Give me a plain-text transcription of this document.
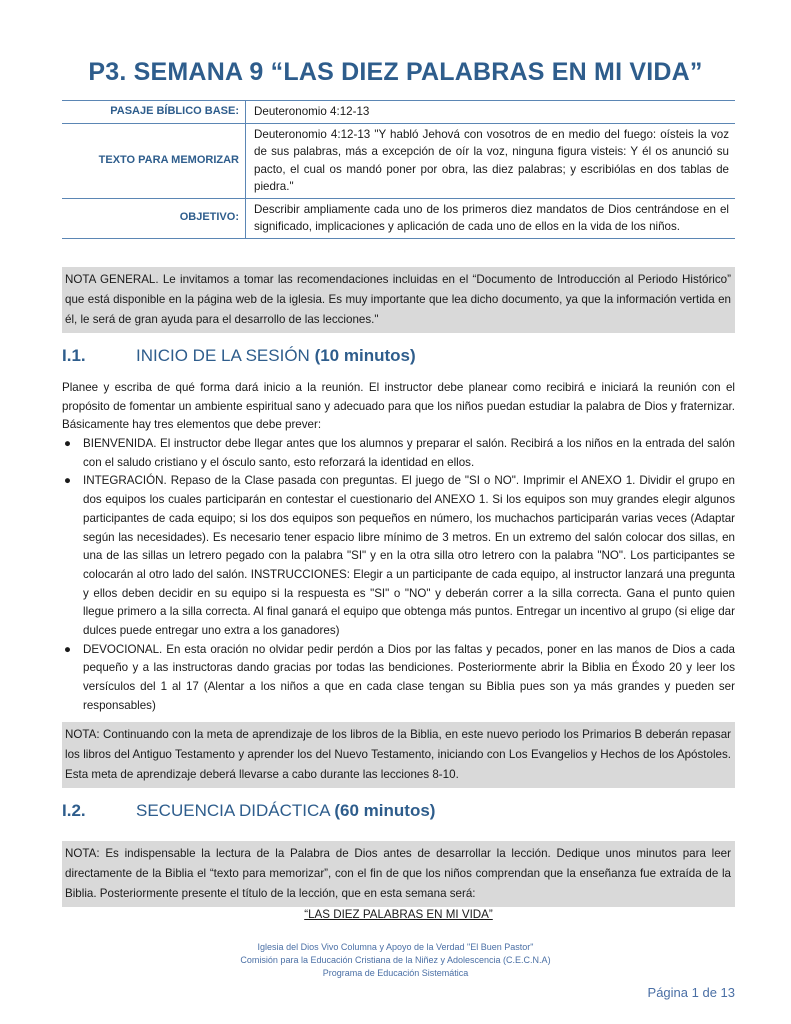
P3. SEMANA 9 “LAS DIEZ PALABRAS EN MI VIDA”
PASAJE BÍBLICO BASE:	Deuteronomio 4:12-13
TEXTO PARA MEMORIZAR	Deuteronomio 4:12-13 "Y habló Jehová con vosotros de en medio del fuego: oísteis la voz de sus palabras, más a excepción de oír la voz, ninguna figura visteis: Y él os anunció su pacto, el cual os mandó poner por obra, las diez palabras; y escribiólas en dos tablas de piedra."
OBJETIVO:	Describir ampliamente cada uno de los primeros diez mandatos de Dios centrándose en el significado, implicaciones y aplicación de cada uno de ellos en la vida de los niños.
NOTA GENERAL. Le invitamos a tomar las recomendaciones incluidas en el “Documento de Introducción al Periodo Histórico” que está disponible en la página web de la iglesia. Es muy importante que lea dicho documento, ya que la información vertida en él, le será de gran ayuda para el desarrollo de las lecciones."
I.1.	INICIO DE LA SESIÓN (10 minutos)
Planee y escriba de qué forma dará inicio a la reunión. El instructor debe planear como recibirá e iniciará la reunión con el propósito de fomentar un ambiente espiritual sano y adecuado para que los niños puedan estudiar la palabra de Dios y fraternizar. Básicamente hay tres elementos que debe prever:
● BIENVENIDA. El instructor debe llegar antes que los alumnos y preparar el salón. Recibirá a los niños en la entrada del salón con el saludo cristiano y el ósculo santo, esto reforzará la identidad en ellos.
● INTEGRACIÓN. Repaso de la Clase pasada con preguntas. El juego de "SI o NO". Imprimir el ANEXO 1. Dividir el grupo en dos equipos los cuales participarán en contestar el cuestionario del ANEXO 1. Si los equipos son muy grandes elegir algunos participantes de cada equipo; si los dos equipos son pequeños en número, los muchachos participarán varias veces (Adaptar según las necesidades). Es necesario tener espacio libre mínimo de 3 metros. En un extremo del salón colocar dos sillas, en una de las sillas un letrero pegado con la palabra "SI" y en la otra silla otro letrero con la palabra "NO". Los participantes se colocarán al otro lado del salón. INSTRUCCIONES: Elegir a un participante de cada equipo, al instructor lanzará una pregunta y ellos deben decidir en su equipo si la respuesta es "SI" o "NO" y deberán correr a la silla correcta. Gana el punto quien llegue primero a la silla correcta. Al final ganará el equipo que obtenga más puntos. Entregar un incentivo al grupo (si elige dar dulces puede entregar uno extra a los ganadores)
● DEVOCIONAL. En esta oración no olvidar pedir perdón a Dios por las faltas y pecados, poner en las manos de Dios a cada pequeño y a las instructoras dando gracias por todas las bendiciones. Posteriormente abrir la Biblia en Éxodo 20 y leer los versículos del 1 al 17 (Alentar a los niños a que en cada clase tengan su Biblia pues son ya más grandes y pueden ser responsables)
NOTA: Continuando con la meta de aprendizaje de los libros de la Biblia, en este nuevo periodo los Primarios B deberán repasar los libros del Antiguo Testamento y aprender los del Nuevo Testamento, iniciando con Los Evangelios y Hechos de los Apóstoles. Esta meta de aprendizaje deberá llevarse a cabo durante las lecciones 8-10.
I.2.	SECUENCIA DIDÁCTICA (60 minutos)
NOTA: Es indispensable la lectura de la Palabra de Dios antes de desarrollar la lección. Dedique unos minutos para leer directamente de la Biblia el “texto para memorizar”, con el fin de que los niños comprendan que la enseñanza fue extraída de la Biblia. Posteriormente presente el título de la lección, que en esta semana será:
“LAS DIEZ PALABRAS EN MI VIDA”
Iglesia del Dios Vivo Columna y Apoyo de la Verdad "El Buen Pastor"
Comisión para la Educación Cristiana de la Niñez y Adolescencia (C.E.C.N.A)
Programa de Educación Sistemática
Página 1 de 13
